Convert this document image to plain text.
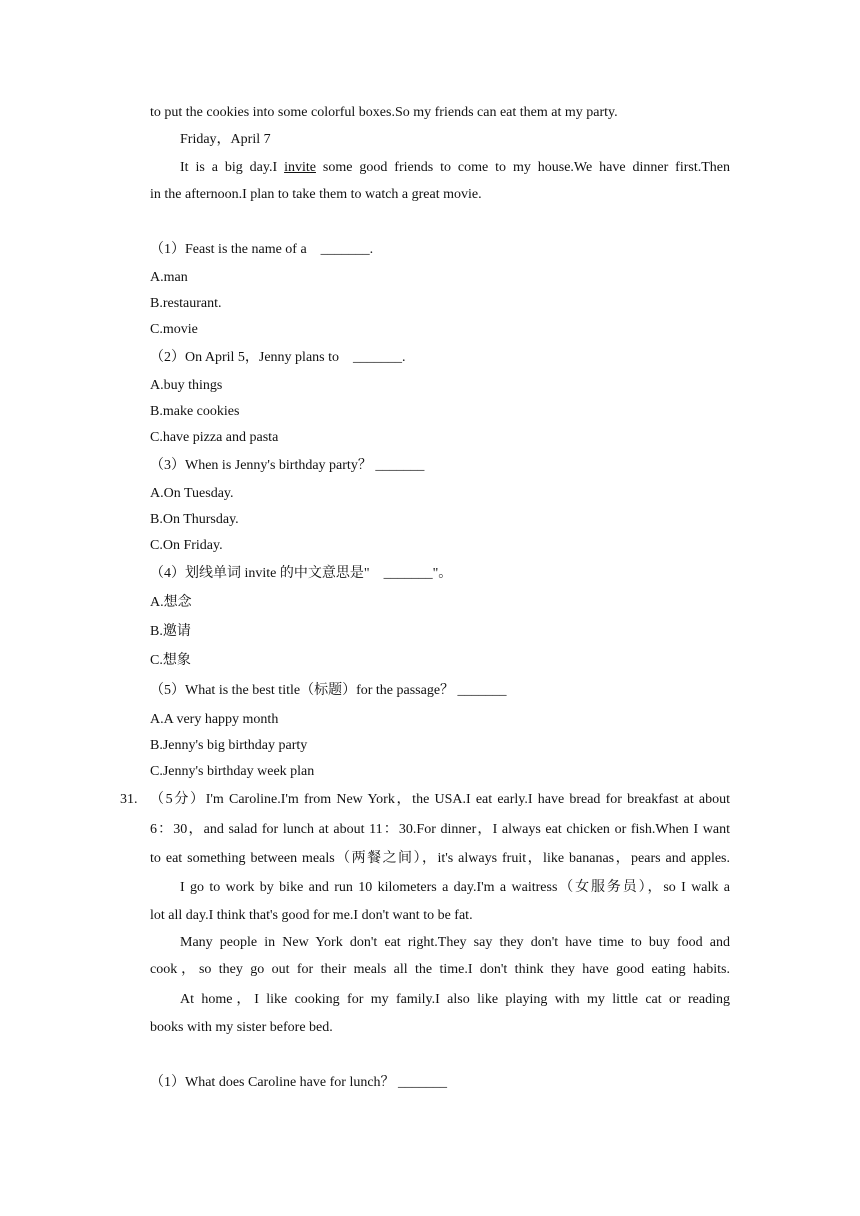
to put the cookies into some colorful boxes.So my friends can eat them at my party.
Friday，April 7
It is a big day.I invite some good friends to come to my house.We have dinner first.Then
in the afternoon.I plan to take them to watch a great movie.
（1）Feast is the name of a　_______.
A.man
B.restaurant.
C.movie
（2）On April 5，Jenny plans to　_______.
A.buy things
B.make cookies
C.have pizza and pasta
（3）When is Jenny's birthday party？ _______
A.On Tuesday.
B.On Thursday.
C.On Friday.
（4）划线单词 invite 的中文意思是"　_______"。
A.想念
B.邀请
C.想象
（5）What is the best title（标题）for the passage？ _______
A.A very happy month
B.Jenny's big birthday party
C.Jenny's birthday week plan
31. （5分）I'm Caroline.I'm from New York，the USA.I eat early.I have bread for breakfast at about
6：30，and salad for lunch at about 11：30.For dinner，I always eat chicken or fish.When I want
to eat something between meals（两餐之间），it's always fruit，like bananas，pears and apples.
I go to work by bike and run 10 kilometers a day.I'm a waitress（女服务员），so I walk a
lot all day.I think that's good for me.I don't want to be fat.
Many people in New York don't eat right.They say they don't have time to buy food and
cook，so they go out for their meals all the time.I don't think they have good eating habits.
At home，I like cooking for my family.I also like playing with my little cat or reading
books with my sister before bed.
（1）What does Caroline have for lunch？ _______
